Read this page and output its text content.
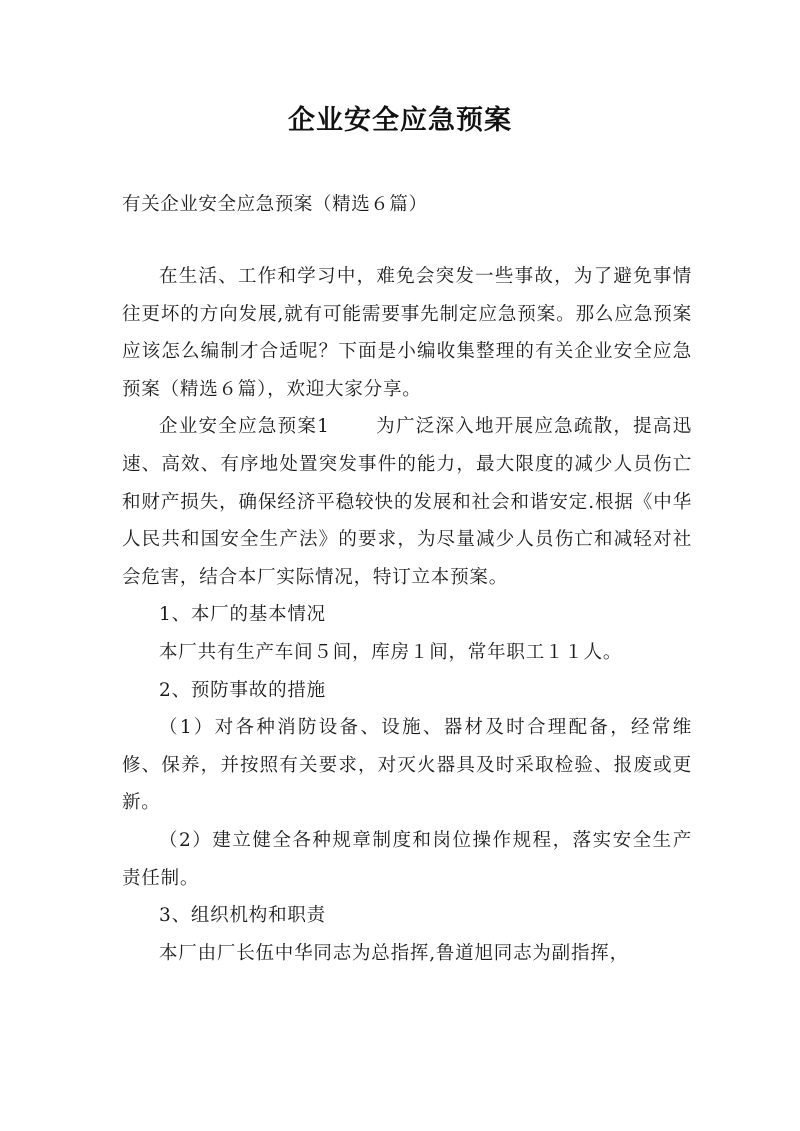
企业安全应急预案
有关企业安全应急预案（精选６篇）

在生活、工作和学习中，难免会突发一些事故，为了避免事情往更坏的方向发展,就有可能需要事先制定应急预案。那么应急预案应该怎么编制才合适呢？下面是小编收集整理的有关企业安全应急预案（精选６篇），欢迎大家分享。

企业安全应急预案1 为广泛深入地开展应急疏散，提高迅速、高效、有序地处置突发事件的能力，最大限度的减少人员伤亡和财产损失，确保经济平稳较快的发展和社会和谐安定.根据《中华人民共和国安全生产法》的要求，为尽量减少人员伤亡和减轻对社会危害，结合本厂实际情况，特订立本预案。

1、本厂的基本情况

本厂共有生产车间５间，库房１间，常年职工１１人。

2、预防事故的措施

（1）对各种消防设备、设施、器材及时合理配备，经常维修、保养，并按照有关要求，对灭火器具及时采取检验、报废或更新。

（2）建立健全各种规章制度和岗位操作规程，落实安全生产责任制。

3、组织机构和职责

本厂由厂长伍中华同志为总指挥,鲁道旭同志为副指挥，
